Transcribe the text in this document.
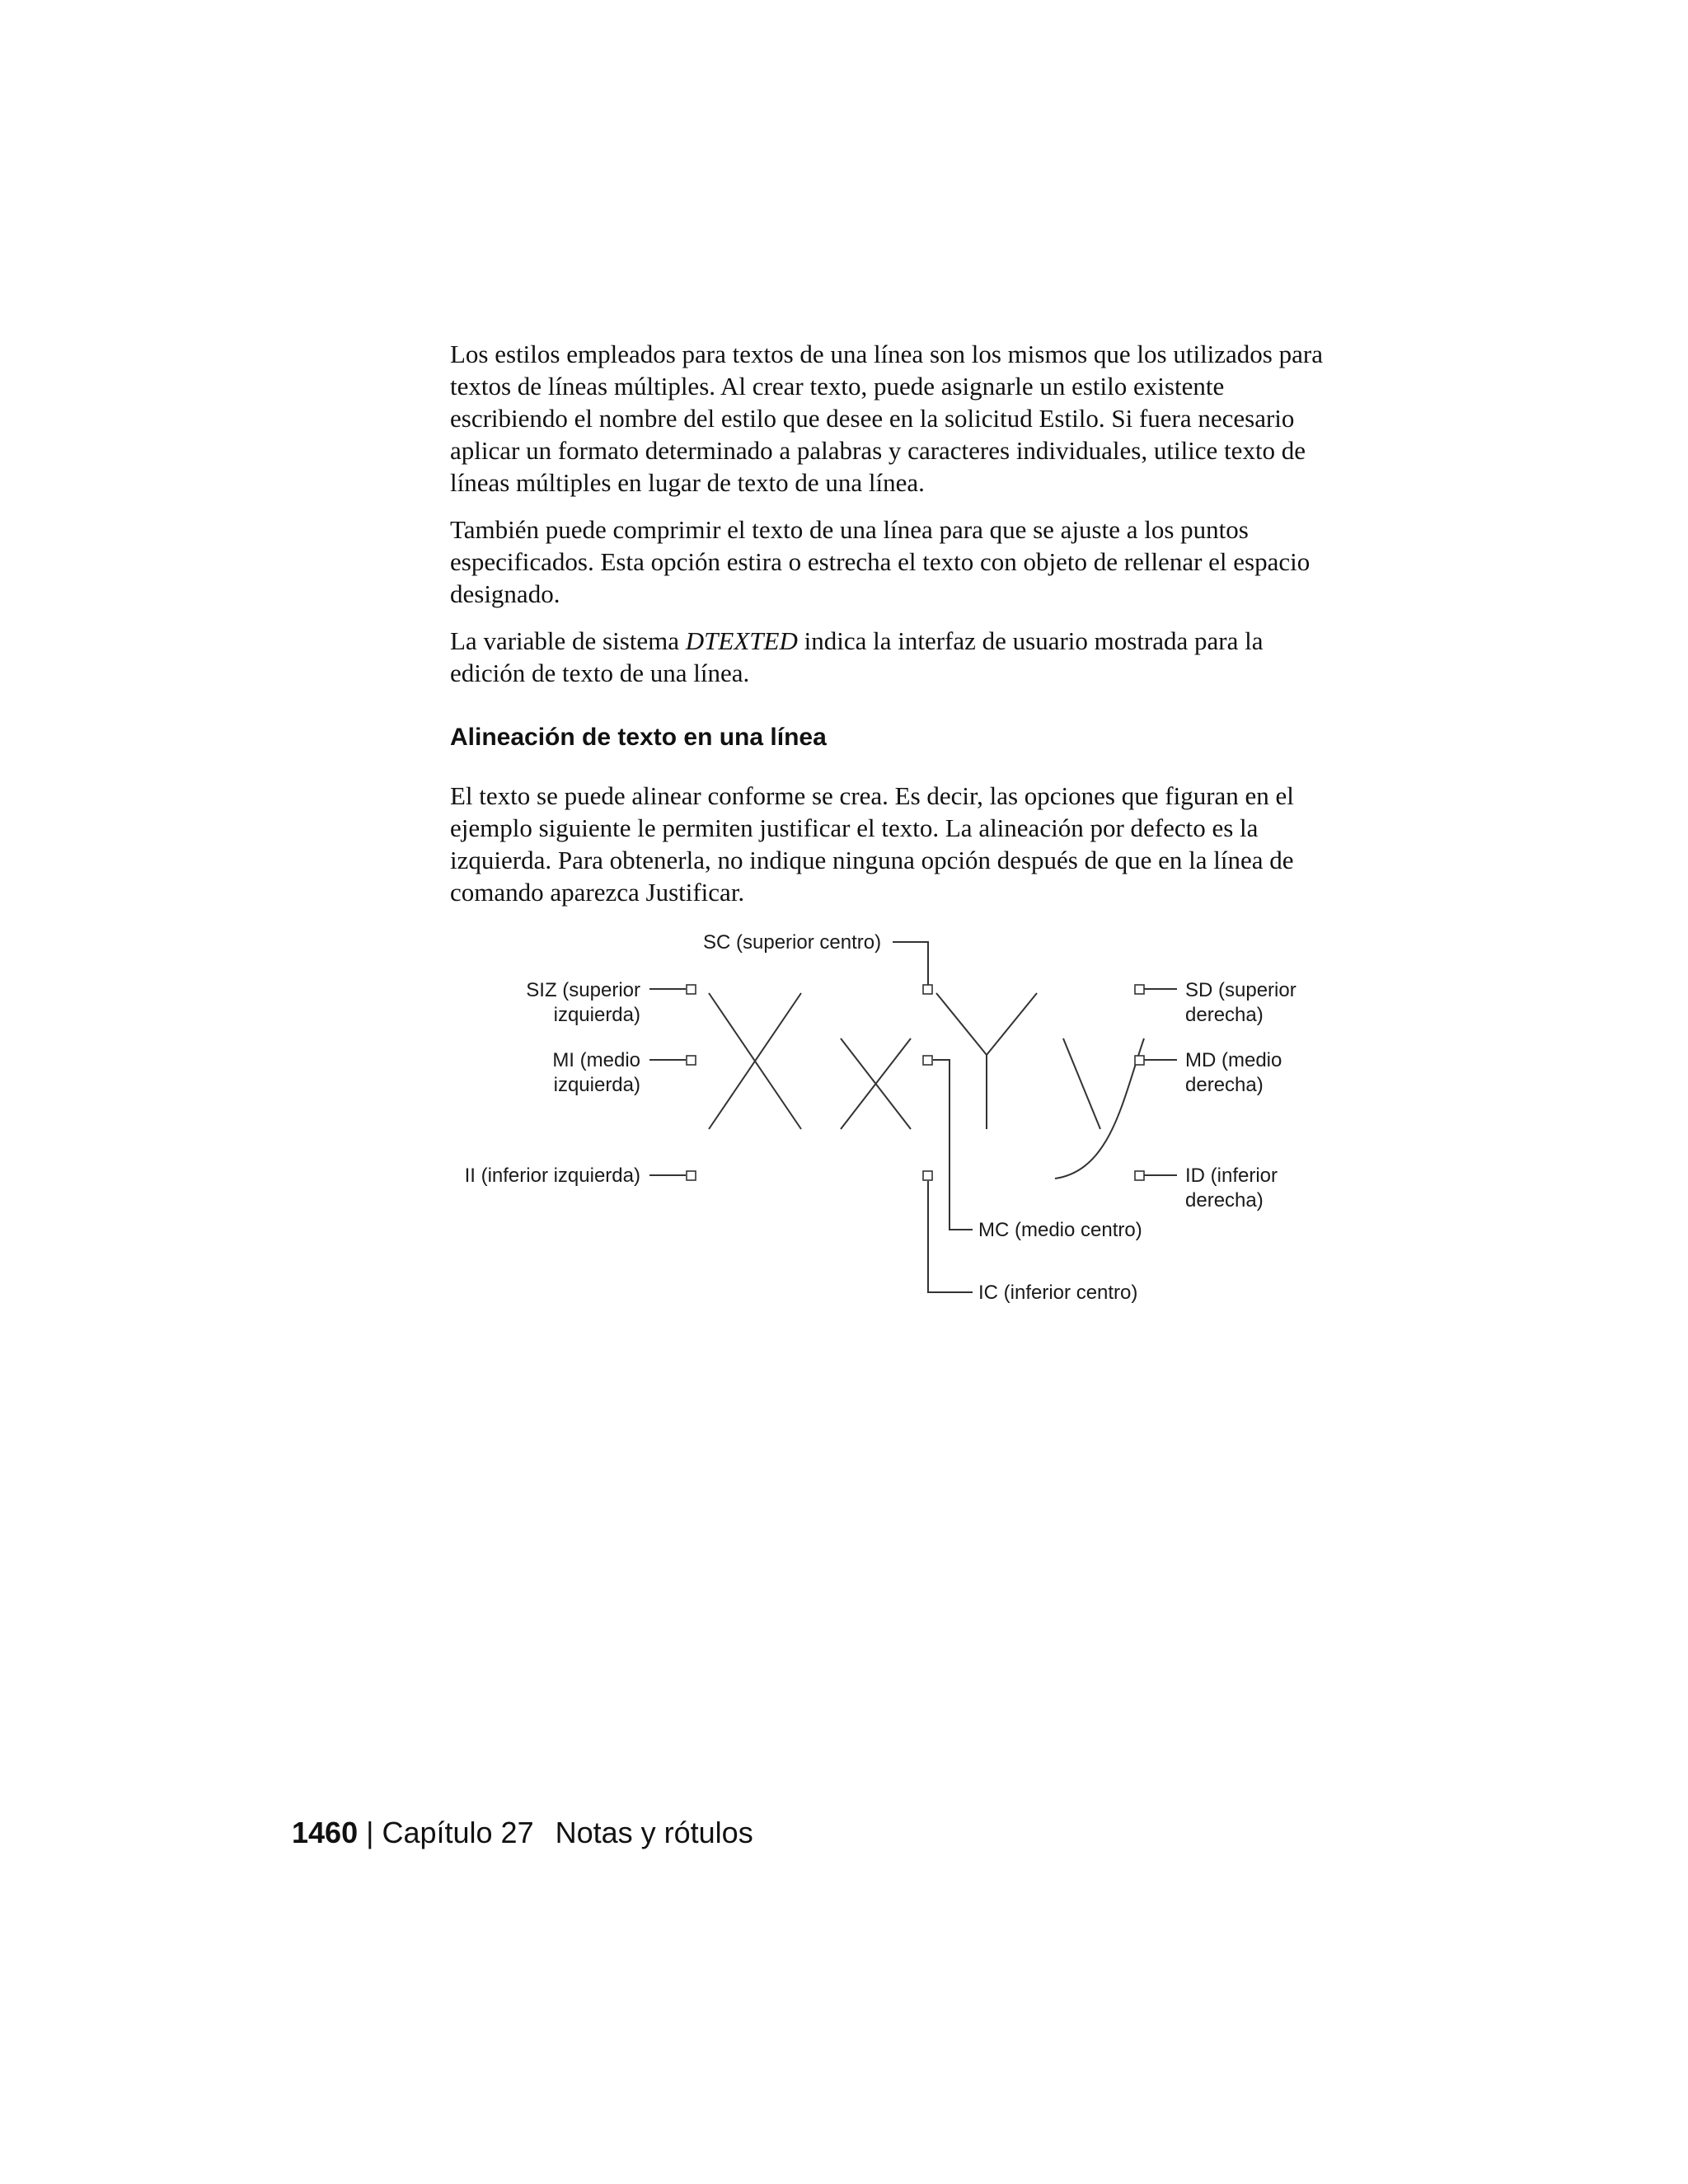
Los estilos empleados para textos de una línea son los mismos que los utilizados para textos de líneas múltiples. Al crear texto, puede asignarle un estilo existente escribiendo el nombre del estilo que desee en la solicitud Estilo. Si fuera necesario aplicar un formato determinado a palabras y caracteres individuales, utilice texto de líneas múltiples en lugar de texto de una línea.

También puede comprimir el texto de una línea para que se ajuste a los puntos especificados. Esta opción estira o estrecha el texto con objeto de rellenar el espacio designado.

La variable de sistema DTEXTED indica la interfaz de usuario mostrada para la edición de texto de una línea.

Alineación de texto en una línea

El texto se puede alinear conforme se crea. Es decir, las opciones que figuran en el ejemplo siguiente le permiten justificar el texto. La alineación por defecto es la izquierda. Para obtenerla, no indique ninguna opción después de que en la línea de comando aparezca Justificar.

SC (superior centro)
SIZ (superior
izquierda)
MI (medio
izquierda)
II (inferior izquierda)
SD (superior
derecha)
MD (medio
derecha)
ID (inferior
derecha)
MC (medio centro)
IC (inferior centro)
1460 | Capítulo 27 Notas y rótulos
